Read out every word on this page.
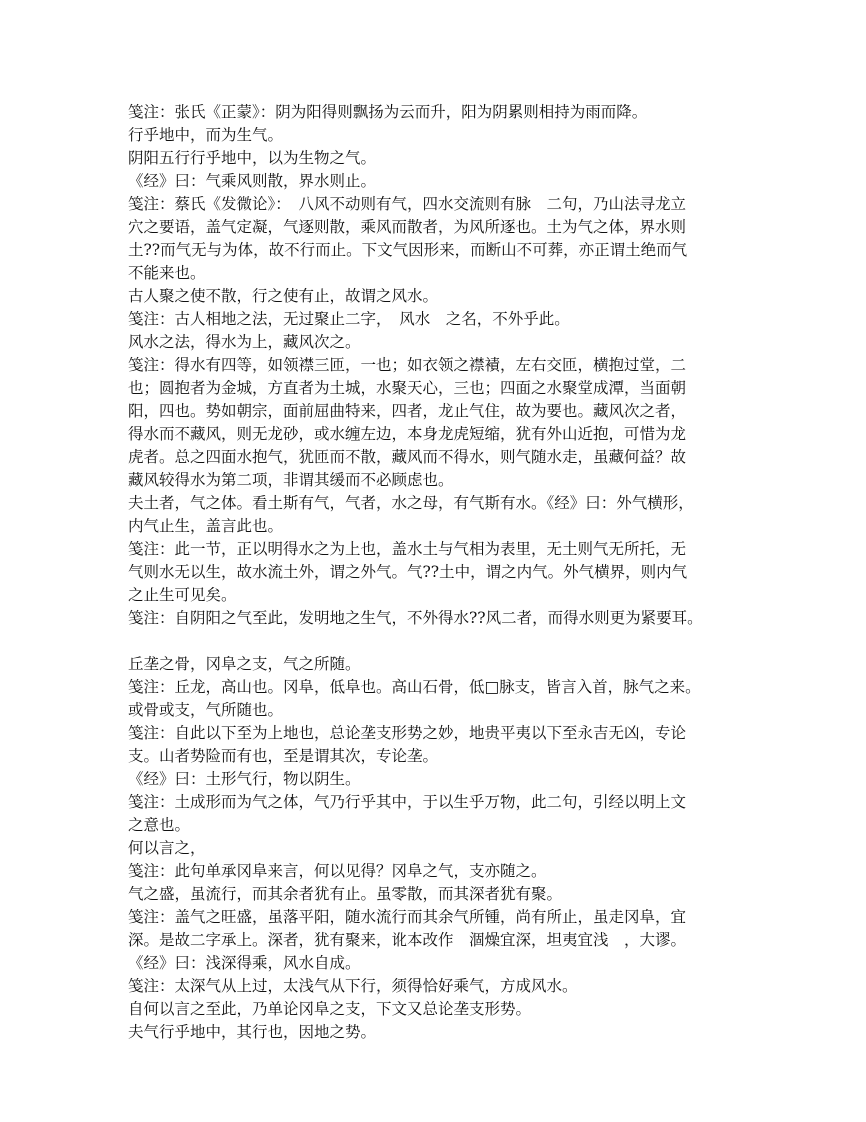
笺注：张氏《正蒙》：阴为阳得则飘扬为云而升，阳为阴累则相持为雨而降。
行乎地中，而为生气。
阴阳五行行乎地中，以为生物之气。
《经》曰：气乘风则散，界水则止。
笺注：蔡氏《发微论》：　八风不动则有气，四水交流则有脉　二句，乃山法寻龙立
穴之要语，盖气定凝，气逐则散，乘风而散者，为风所逐也。土为气之体，界水则
土??而气无与为体，故不行而止。下文气因形来，而断山不可葬，亦正谓土绝而气
不能来也。
古人聚之使不散，行之使有止，故谓之风水。
笺注：古人相地之法，无过聚止二字，　风水　之名，不外乎此。
风水之法，得水为上，藏风次之。
笺注：得水有四等，如领襟三匝，一也；如衣领之襟襀，左右交匝，横抱过堂，二
也；圆抱者为金城，方直者为土城，水聚天心，三也；四面之水聚堂成潭，当面朝
阳，四也。势如朝宗，面前屈曲特来，四者，龙止气住，故为要也。藏风次之者，
得水而不藏风，则无龙砂，或水缠左边，本身龙虎短缩，犹有外山近抱，可惜为龙
虎者。总之四面水抱气，犹匝而不散，藏风而不得水，则气随水走，虽藏何益？故
藏风较得水为第二项，非谓其缓而不必顾虑也。
夫土者，气之体。看土斯有气，气者，水之母，有气斯有水。《经》曰：外气横形，
内气止生，盖言此也。
笺注：此一节，正以明得水之为上也，盖水土与气相为表里，无土则气无所托，无
气则水无以生，故水流土外，谓之外气。气??土中，谓之内气。外气横界，则内气
之止生可见矣。
笺注：自阴阳之气至此，发明地之生气，不外得水??风二者，而得水则更为紧要耳。
丘垄之骨，冈阜之支，气之所随。
笺注：丘龙，高山也。冈阜，低阜也。高山石骨，低□脉支，皆言入首，脉气之来。
或骨或支，气所随也。
笺注：自此以下至为上地也，总论垄支形势之妙，地贵平夷以下至永吉无凶，专论
支。山者势险而有也，至是谓其次，专论垄。
《经》曰：土形气行，物以阴生。
笺注：土成形而为气之体，气乃行乎其中，于以生乎万物，此二句，引经以明上文
之意也。
何以言之，
笺注：此句单承冈阜来言，何以见得？冈阜之气，支亦随之。
气之盛，虽流行，而其余者犹有止。虽零散，而其深者犹有聚。
笺注：盖气之旺盛，虽落平阳，随水流行而其余气所锺，尚有所止，虽走冈阜，宜
深。是故二字承上。深者，犹有聚来，讹本改作　涸燥宜深，坦夷宜浅　，大谬。
《经》曰：浅深得乘，风水自成。
笺注：太深气从上过，太浅气从下行，须得恰好乘气，方成风水。
自何以言之至此，乃单论冈阜之支，下文又总论垄支形势。
夫气行乎地中，其行也，因地之势。
